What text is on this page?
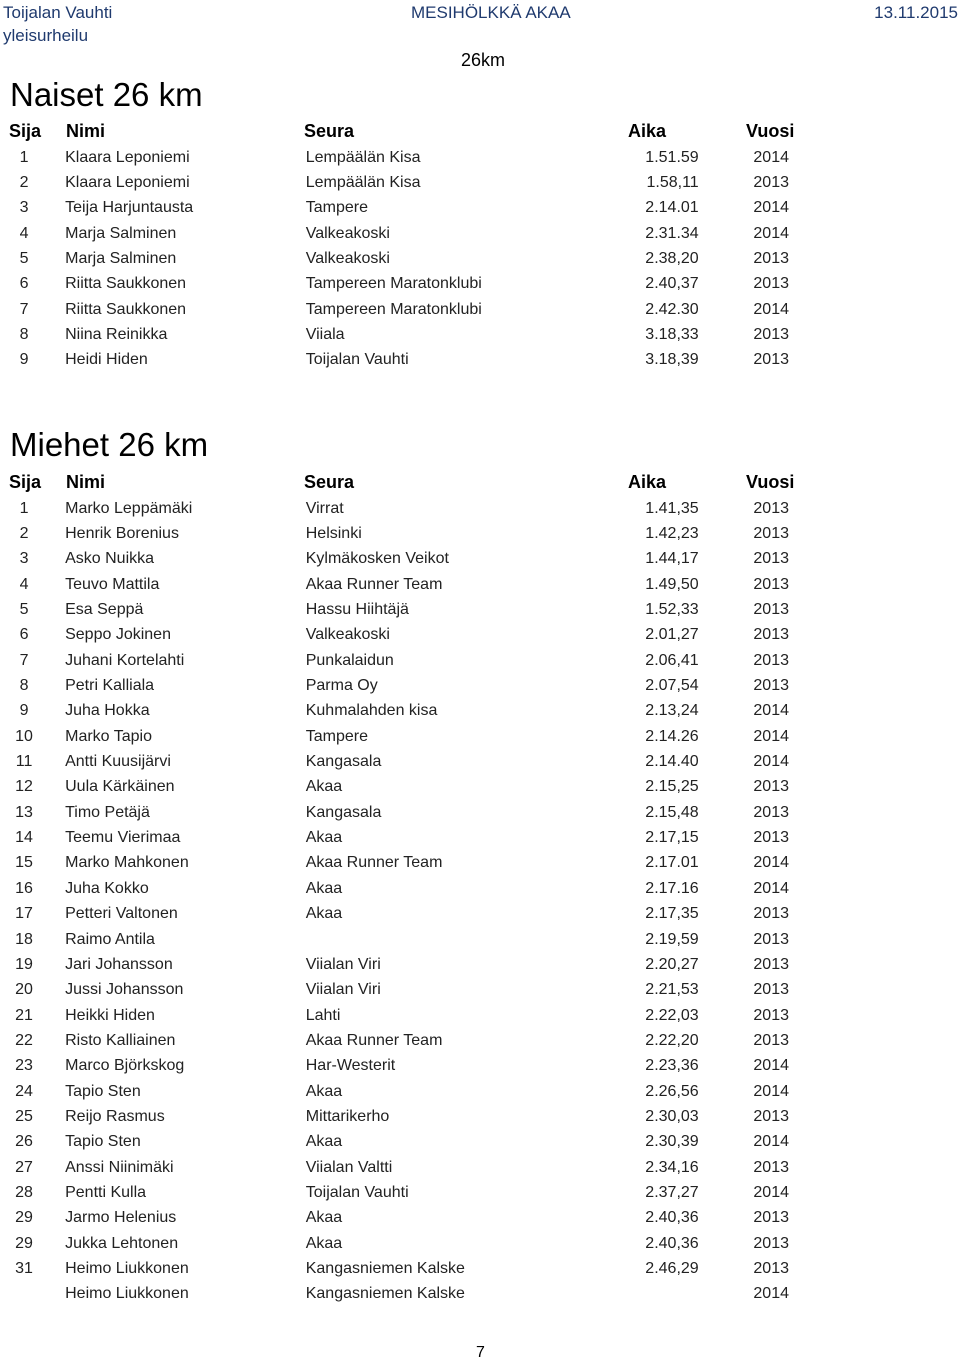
Toijalan Vauhti
yleisurheilu
MESIHÖLKKÄ AKAA	13.11.2015
26km
Naiset 26 km
Sija Nimi	Seura	Aika	Vuosi
1	Klaara Leponiemi	Lempäälän Kisa	1.51.59	2014
2	Klaara Leponiemi	Lempäälän Kisa	1.58,11	2013
3	Teija Harjuntausta	Tampere	2.14.01	2014
4	Marja Salminen	Valkeakoski	2.31.34	2014
5	Marja Salminen	Valkeakoski	2.38,20	2013
6	Riitta Saukkonen	Tampereen Maratonklubi	2.40,37	2013
7	Riitta Saukkonen	Tampereen Maratonklubi	2.42.30	2014
8	Niina Reinikka	Viiala	3.18,33	2013
9	Heidi Hiden	Toijalan Vauhti	3.18,39	2013
Miehet 26 km
Sija Nimi	Seura	Aika	Vuosi
1	Marko Leppämäki	Virrat	1.41,35	2013
2	Henrik Borenius	Helsinki	1.42,23	2013
3	Asko Nuikka	Kylmäkosken Veikot	1.44,17	2013
4	Teuvo Mattila	Akaa Runner Team	1.49,50	2013
5	Esa Seppä	Hassu Hiihtäjä	1.52,33	2013
6	Seppo Jokinen	Valkeakoski	2.01,27	2013
7	Juhani Kortelahti	Punkalaidun	2.06,41	2013
8	Petri Kalliala	Parma Oy	2.07,54	2013
9	Juha Hokka	Kuhmalahden kisa	2.13,24	2014
10	Marko Tapio	Tampere	2.14.26	2014
11	Antti Kuusijärvi	Kangasala	2.14.40	2014
12	Uula Kärkäinen	Akaa	2.15,25	2013
13	Timo Petäjä	Kangasala	2.15,48	2013
14	Teemu Vierimaa	Akaa	2.17,15	2013
15	Marko Mahkonen	Akaa Runner Team	2.17.01	2014
16	Juha Kokko	Akaa	2.17.16	2014
17	Petteri Valtonen	Akaa	2.17,35	2013
18	Raimo Antila		2.19,59	2013
19	Jari Johansson	Viialan Viri	2.20,27	2013
20	Jussi Johansson	Viialan Viri	2.21,53	2013
21	Heikki Hiden	Lahti	2.22,03	2013
22	Risto Kalliainen	Akaa Runner Team	2.22,20	2013
23	Marco Björkskog	Har-Westerit	2.23,36	2014
24	Tapio Sten	Akaa	2.26,56	2014
25	Reijo Rasmus	Mittarikerho	2.30,03	2013
26	Tapio Sten	Akaa	2.30,39	2014
27	Anssi Niinimäki	Viialan Valtti	2.34,16	2013
28	Pentti Kulla	Toijalan Vauhti	2.37,27	2014
29	Jarmo Helenius	Akaa	2.40,36	2013
29	Jukka Lehtonen	Akaa	2.40,36	2013
31	Heimo Liukkonen	Kangasniemen Kalske	2.46,29	2013
	Heimo Liukkonen	Kangasniemen Kalske		2014
7
